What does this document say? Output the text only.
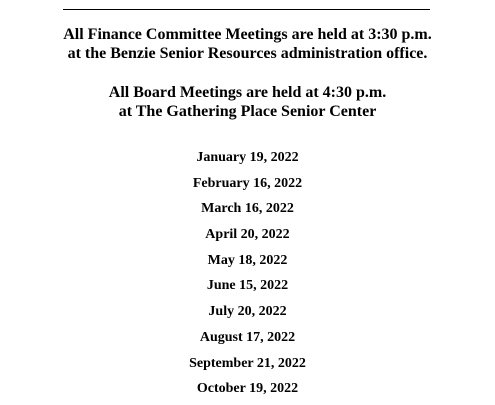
All Finance Committee Meetings are held at 3:30 p.m.
at the Benzie Senior Resources administration office.
All Board Meetings are held at 4:30 p.m.
at The Gathering Place Senior Center
January 19, 2022
February 16, 2022
March 16, 2022
April 20, 2022
May 18, 2022
June 15, 2022
July 20, 2022
August 17, 2022
September 21, 2022
October 19, 2022
